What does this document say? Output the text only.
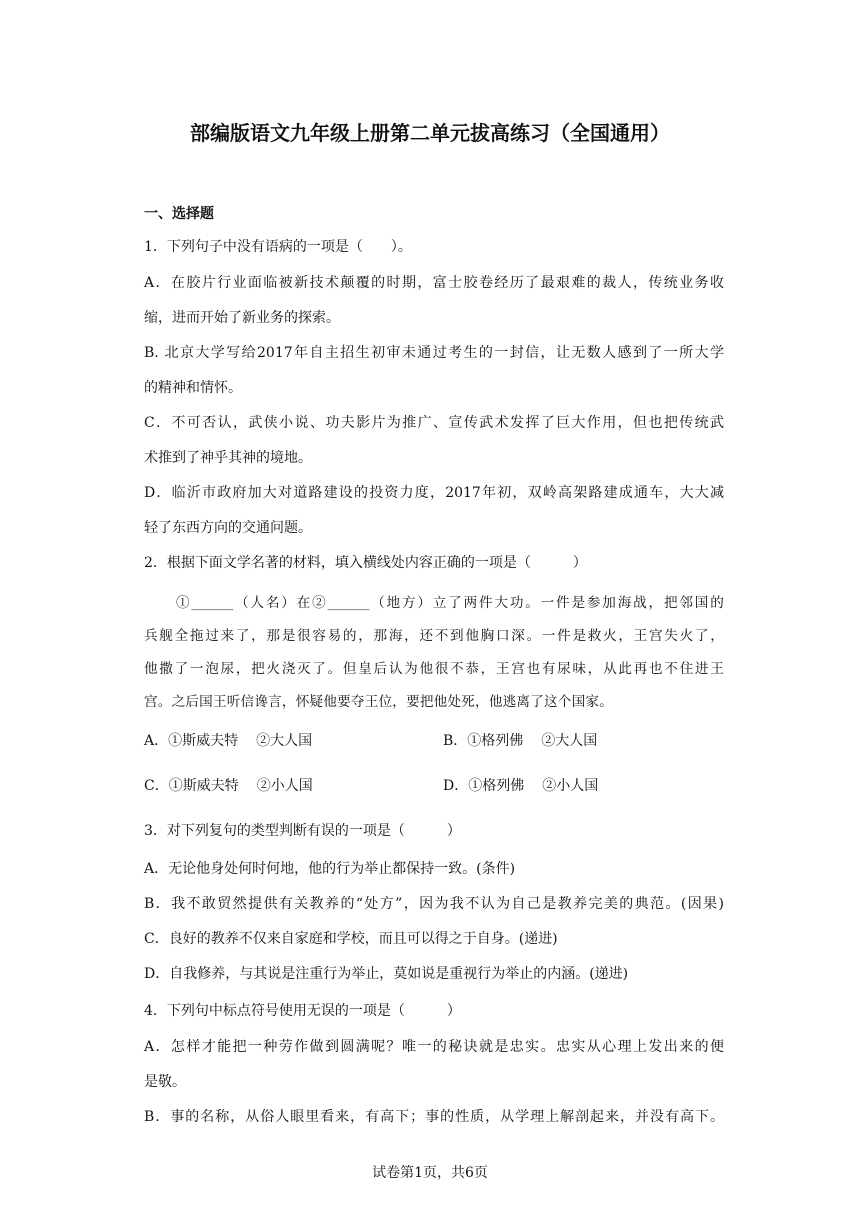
部编版语文九年级上册第二单元拔高练习（全国通用）
一、选择题
1．下列句子中没有语病的一项是（　　）。
A．在胶片行业面临被新技术颠覆的时期，富士胶卷经历了最艰难的裁人，传统业务收
缩，进而开始了新业务的探索。
B. 北京大学写给2017年自主招生初审未通过考生的一封信，让无数人感到了一所大学
的精神和情怀。
C．不可否认，武侠小说、功夫影片为推广、宣传武术发挥了巨大作用，但也把传统武
术推到了神乎其神的境地。
D．临沂市政府加大对道路建设的投资力度，2017年初，双岭高架路建成通车，大大减
轻了东西方向的交通问题。
2．根据下面文学名著的材料，填入横线处内容正确的一项是（　　　）
①______（人名）在②______（地方）立了两件大功。一件是参加海战，把邻国的
兵舰全拖过来了，那是很容易的，那海，还不到他胸口深。一件是救火，王宫失火了，
他撒了一泡尿，把火浇灭了。但皇后认为他很不恭，王宫也有尿味，从此再也不住进王
宫。之后国王听信谗言，怀疑他要夺王位，要把他处死，他逃离了这个国家。
A．①斯威夫特 ②大人国	B．①格列佛 ②大人国
C．①斯威夫特 ②小人国	D．①格列佛 ②小人国
3．对下列复句的类型判断有误的一项是（　　　）
A．无论他身处何时何地，他的行为举止都保持一致。(条件)
B．我不敢贸然提供有关教养的“处方”，因为我不认为自己是教养完美的典范。(因果)
C．良好的教养不仅来自家庭和学校，而且可以得之于自身。(递进)
D．自我修养，与其说是注重行为举止，莫如说是重视行为举止的内涵。(递进)
4．下列句中标点符号使用无误的一项是（　　　）
A．怎样才能把一种劳作做到圆满呢？唯一的秘诀就是忠实。忠实从心理上发出来的便
是敬。
B．事的名称，从俗人眼里看来，有高下；事的性质，从学理上解剖起来，并没有高下。
试卷第1页，共6页
